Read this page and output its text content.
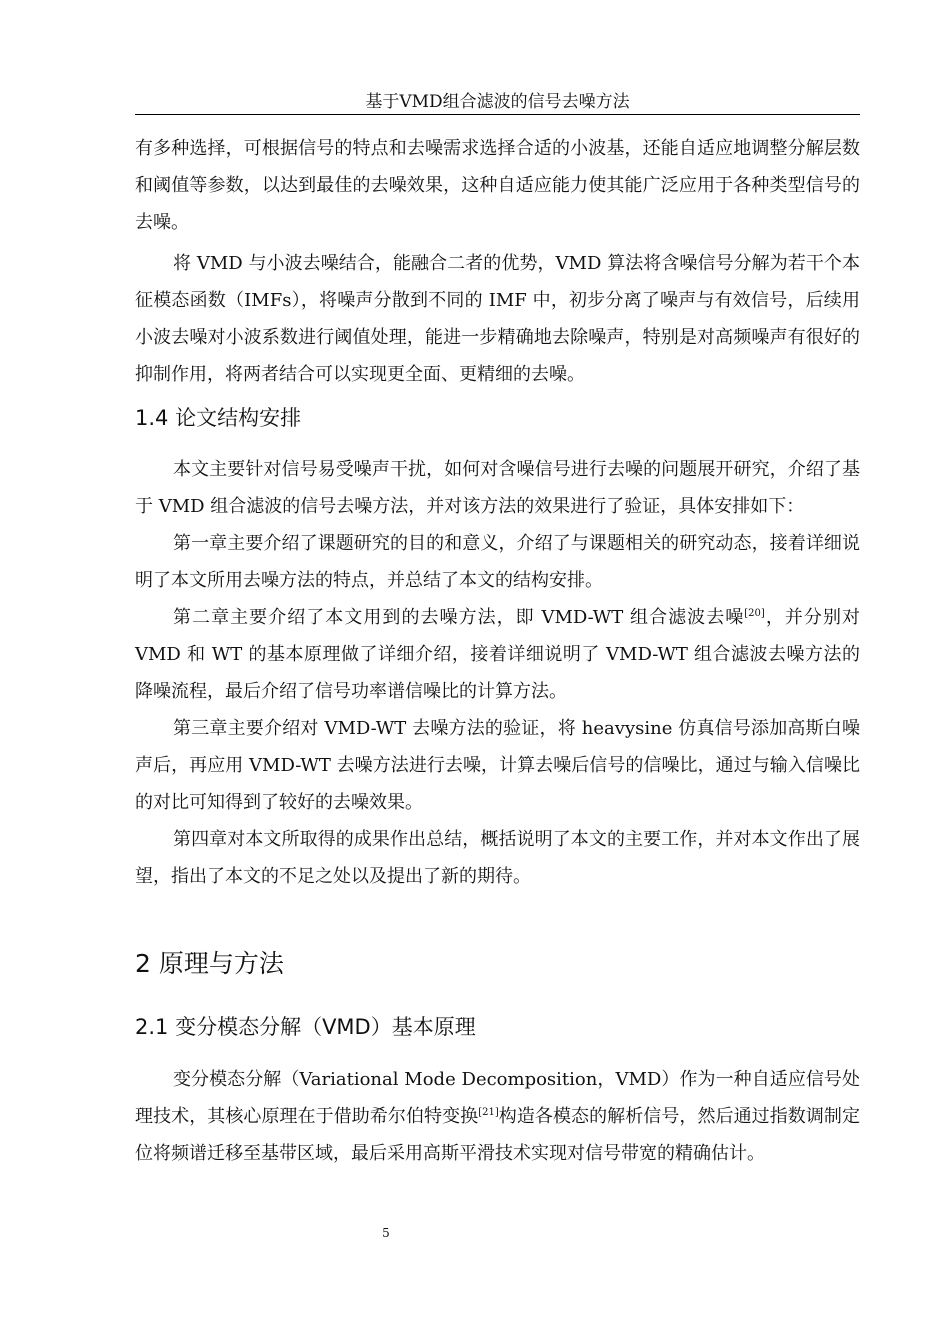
基于VMD组合滤波的信号去噪方法

有多种选择，可根据信号的特点和去噪需求选择合适的小波基，还能自适应地调整分解层数和阈值等参数，以达到最佳的去噪效果，这种自适应能力使其能广泛应用于各种类型信号的去噪。

将 VMD 与小波去噪结合，能融合二者的优势，VMD 算法将含噪信号分解为若干个本征模态函数（IMFs），将噪声分散到不同的 IMF 中，初步分离了噪声与有效信号，后续用小波去噪对小波系数进行阈值处理，能进一步精确地去除噪声，特别是对高频噪声有很好的抑制作用，将两者结合可以实现更全面、更精细的去噪。

1.4 论文结构安排

本文主要针对信号易受噪声干扰，如何对含噪信号进行去噪的问题展开研究，介绍了基于 VMD 组合滤波的信号去噪方法，并对该方法的效果进行了验证，具体安排如下：

第一章主要介绍了课题研究的目的和意义，介绍了与课题相关的研究动态，接着详细说明了本文所用去噪方法的特点，并总结了本文的结构安排。

第二章主要介绍了本文用到的去噪方法，即 VMD-WT 组合滤波去噪[20]，并分别对 VMD 和 WT 的基本原理做了详细介绍，接着详细说明了 VMD-WT 组合滤波去噪方法的降噪流程，最后介绍了信号功率谱信噪比的计算方法。

第三章主要介绍对 VMD-WT 去噪方法的验证，将 heavysine 仿真信号添加高斯白噪声后，再应用 VMD-WT 去噪方法进行去噪，计算去噪后信号的信噪比，通过与输入信噪比的对比可知得到了较好的去噪效果。

第四章对本文所取得的成果作出总结，概括说明了本文的主要工作，并对本文作出了展望，指出了本文的不足之处以及提出了新的期待。

2 原理与方法
2.1 变分模态分解（VMD）基本原理

变分模态分解（Variational Mode Decomposition，VMD）作为一种自适应信号处理技术，其核心原理在于借助希尔伯特变换[21]构造各模态的解析信号，然后通过指数调制定位将频谱迁移至基带区域，最后采用高斯平滑技术实现对信号带宽的精确估计。

5
